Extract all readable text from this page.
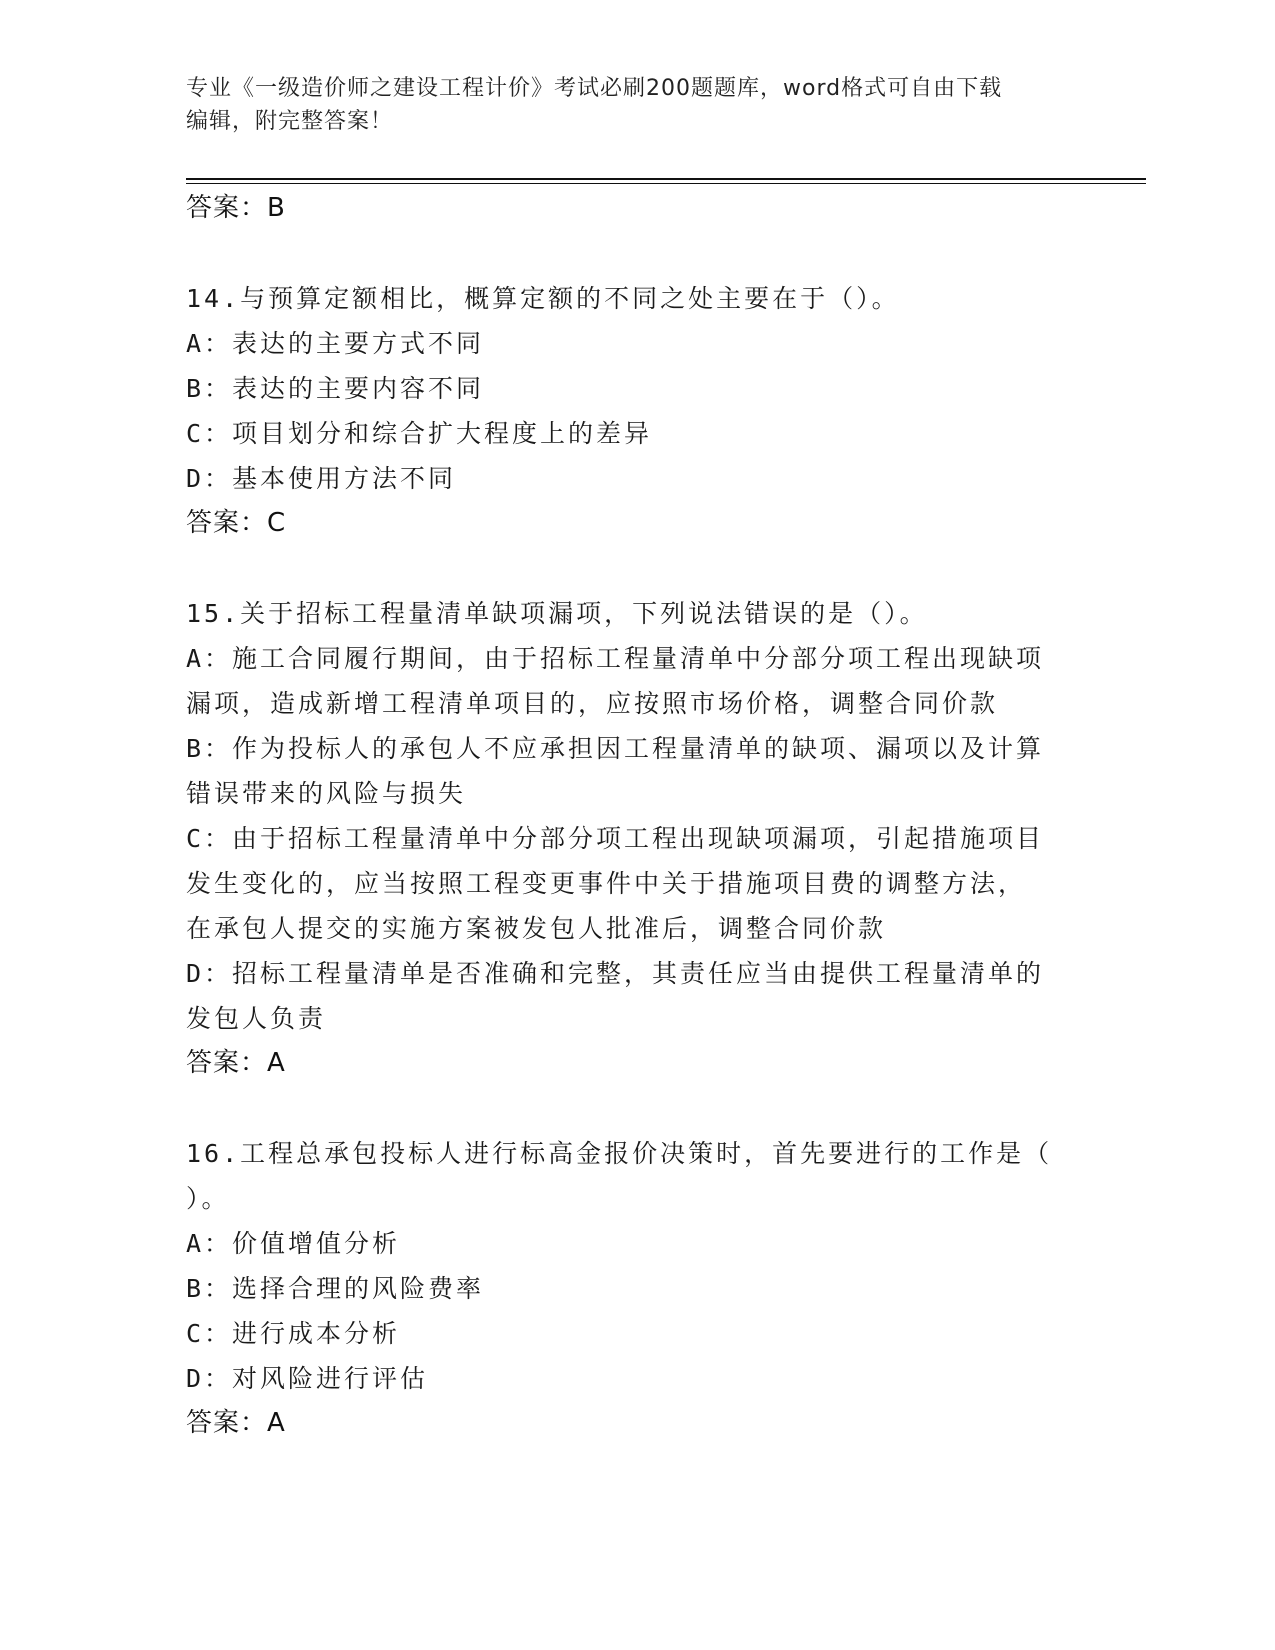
专业《一级造价师之建设工程计价》考试必刷200题题库，word格式可自由下载
编辑，附完整答案！
答案：B
14.与预算定额相比，概算定额的不同之处主要在于（）。
A：表达的主要方式不同
B：表达的主要内容不同
C：项目划分和综合扩大程度上的差异
D：基本使用方法不同
答案：C
15.关于招标工程量清单缺项漏项，下列说法错误的是（）。
A：施工合同履行期间，由于招标工程量清单中分部分项工程出现缺项
漏项，造成新增工程清单项目的，应按照市场价格，调整合同价款
B：作为投标人的承包人不应承担因工程量清单的缺项、漏项以及计算
错误带来的风险与损失
C：由于招标工程量清单中分部分项工程出现缺项漏项，引起措施项目
发生变化的，应当按照工程变更事件中关于措施项目费的调整方法，
在承包人提交的实施方案被发包人批准后，调整合同价款
D：招标工程量清单是否准确和完整，其责任应当由提供工程量清单的
发包人负责
答案：A
16.工程总承包投标人进行标高金报价决策时，首先要进行的工作是（
）。
A：价值增值分析
B：选择合理的风险费率
C：进行成本分析
D：对风险进行评估
答案：A
